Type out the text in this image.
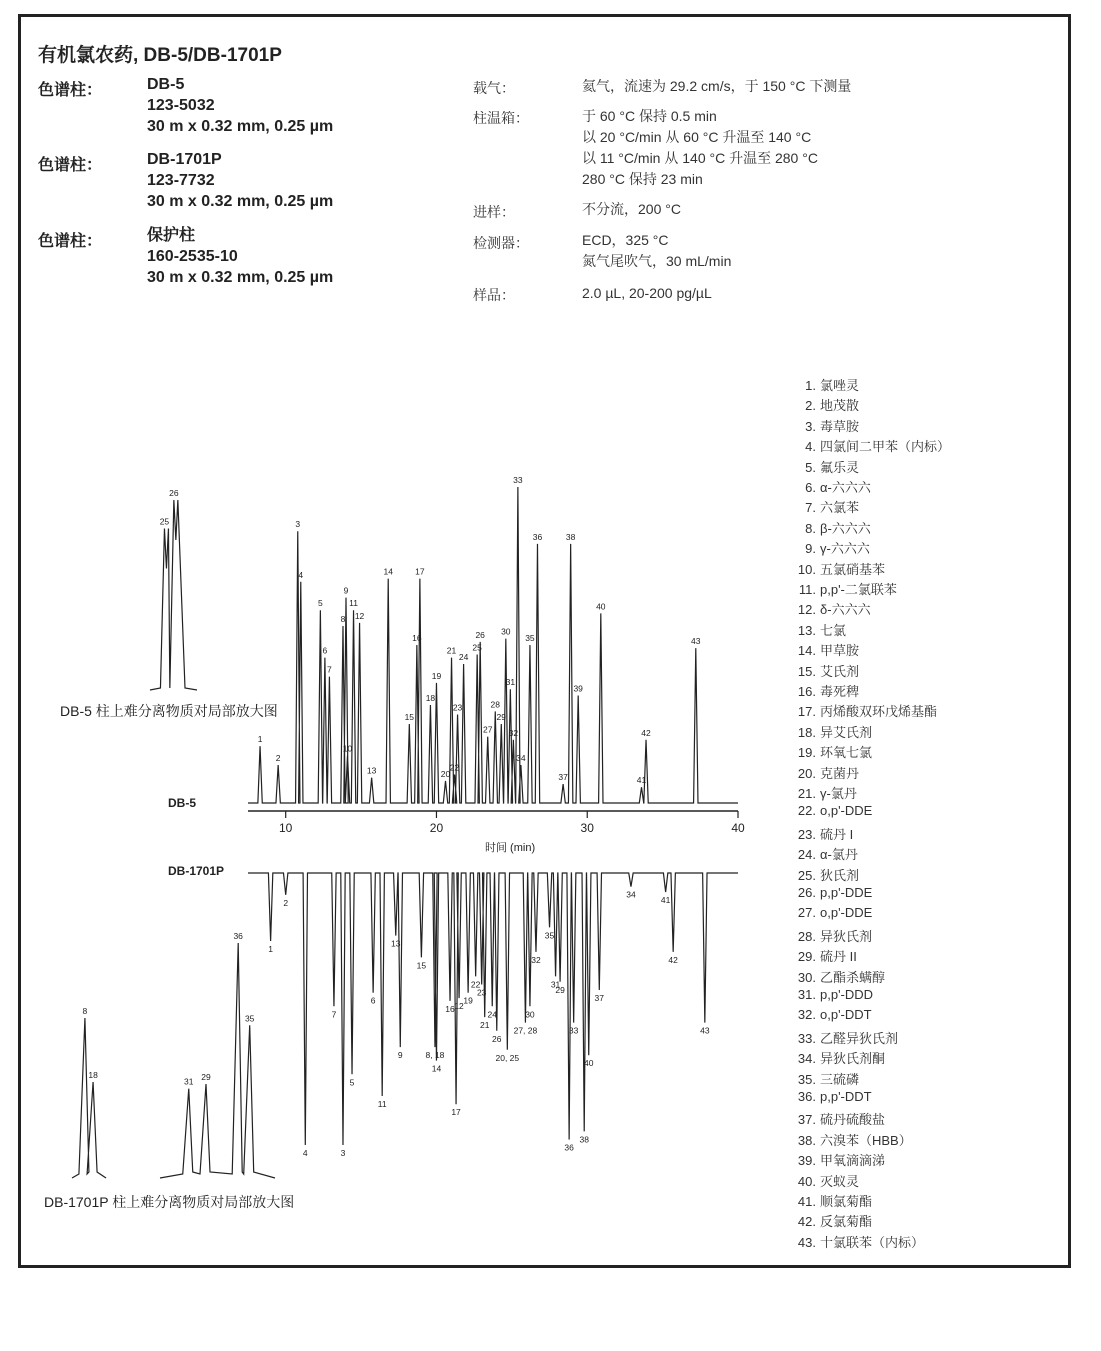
有机氯农药, DB-5/DB-1701P
色谱柱：	DB-5
123-5032
30 m x 0.32 mm, 0.25 µm
色谱柱：	DB-1701P
123-7732
30 m x 0.32 mm, 0.25 µm
色谱柱：	保护柱
160-2535-10
30 m x 0.32 mm, 0.25 µm
载气：	氦气，流速为 29.2 cm/s，于 150 °C 下测量
柱温箱：	于 60 °C 保持 0.5 min
以 20 °C/min 从 60 °C 升温至 140 °C
以 11 °C/min 从 140 °C 升温至 280 °C
280 °C 保持 23 min
进样：	不分流，200 °C
检测器：	ECD，325 °C
氮气尾吹气，30 mL/min
样品：	2.0 µL, 20-200 pg/µL
1
2
3
4
5
6
7
8
9
10
11
12
13
14
15
16
17
18
19
20
21
22
23
24
25
26
27
28
29
30
31
32
33
34
35
36
37
38
39
40
41
42
43
10	20	30	40
1
2
4
7
3
5
6
11
13
9
15
8, 18
14
16
17
12
19
22
23
21
24
26
20, 25
27, 28
30
32
35
31
29
36
33
38
40
37
34
41
42
43
25
26
8
18
31 29
36
35
DB-5
DB-1701P
时间 (min)
DB-5 柱上难分离物质对局部放大图
DB-1701P 柱上难分离物质对局部放大图
1. 氯唑灵
2. 地茂散
3. 毒草胺
4. 四氯间二甲苯（内标）
5. 氟乐灵
6. α-六六六
7. 六氯苯
8. β-六六六
9. γ-六六六
10. 五氯硝基苯
11. p,p'-二氯联苯
12. δ-六六六
13. 七氯
14. 甲草胺
15. 艾氏剂
16. 毒死稗
17. 丙烯酸双环戊烯基酯
18. 异艾氏剂
19. 环氧七氯
20. 克菌丹
21. γ-氯丹
22. o,p'-DDE
23. 硫丹 I
24. α-氯丹
25. 狄氏剂
26. p,p'-DDE
27. o,p'-DDE
28. 异狄氏剂
29. 硫丹 II
30. 乙酯杀螨醇
31. p,p'-DDD
32. o,p'-DDT
33. 乙醛异狄氏剂
34. 异狄氏剂酮
35. 三硫磷
36. p,p'-DDT
37. 硫丹硫酸盐
38. 六溴苯（HBB）
39. 甲氧滴滴涕
40. 灭蚁灵
41. 顺氯菊酯
42. 反氯菊酯
43. 十氯联苯（内标）
